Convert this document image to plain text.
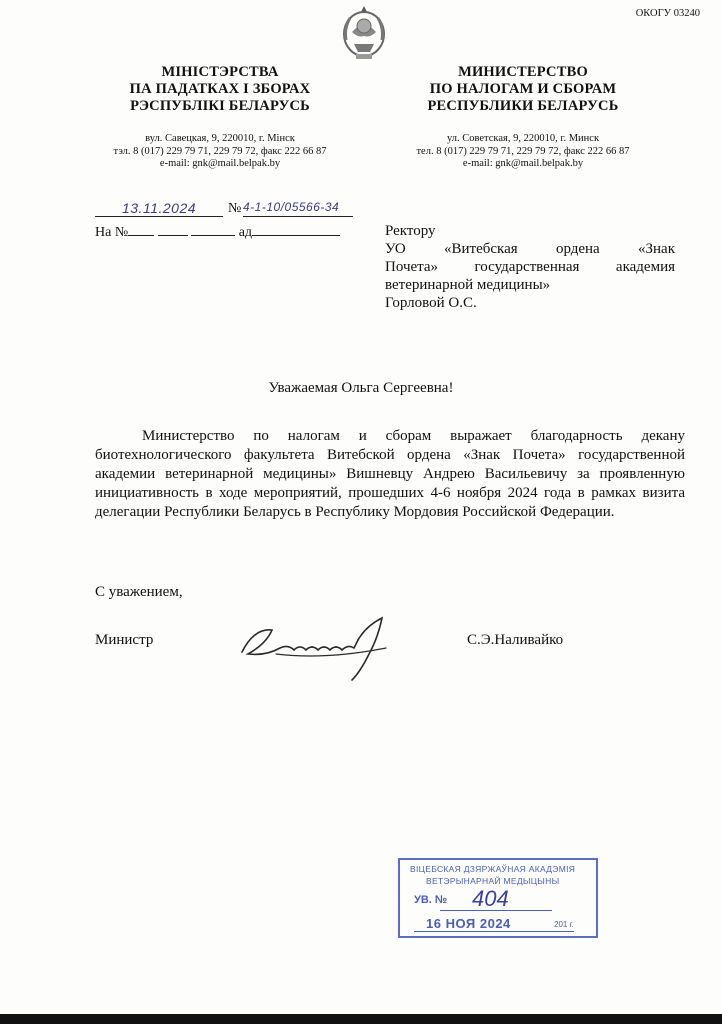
ОКОГУ 03240
МІНІСТЭРСТВА
ПА ПАДАТКАХ І ЗБОРАХ
РЭСПУБЛІКІ БЕЛАРУСЬ
вул. Савецкая, 9, 220010, г. Мінск
тэл. 8 (017) 229 79 71, 229 79 72, факс 222 66 87
e-mail: gnk@mail.belpak.by
МИНИСТЕРСТВО
ПО НАЛОГАМ И СБОРАМ
РЕСПУБЛИКИ БЕЛАРУСЬ
ул. Советская, 9, 220010, г. Минск
тел. 8 (017) 229 79 71, 229 79 72, факс 222 66 87
e-mail: gnk@mail.belpak.by
13.11.2024	№ 4-1-10/05566-34
На №	ад	Ректору
УО «Витебская ордена «Знак
Почета» государственная академия
ветеринарной медицины»
Горловой О.С.
Уважаемая Ольга Сергеевна!

Министерство по налогам и сборам выражает благодарность декану биотехнологического факультета Витебской ордена «Знак Почета» государственной академии ветеринарной медицины» Вишневцу Андрею Васильевичу за проявленную инициативность в ходе мероприятий, прошедших 4-6 ноября 2024 года в рамках визита делегации Республики Беларусь в Республику Мордовия Российской Федерации.

С уважением,
Министр	С.Э.Наливайко
ВІЦЕБСКАЯ ДЗЯРЖАЎНАЯ АКАДЭМІЯ
ВЕТЭРЫНАРНАЙ МЕДЫЦЫНЫ
УВ. № 404
16 НОЯ 2024	201 г.
